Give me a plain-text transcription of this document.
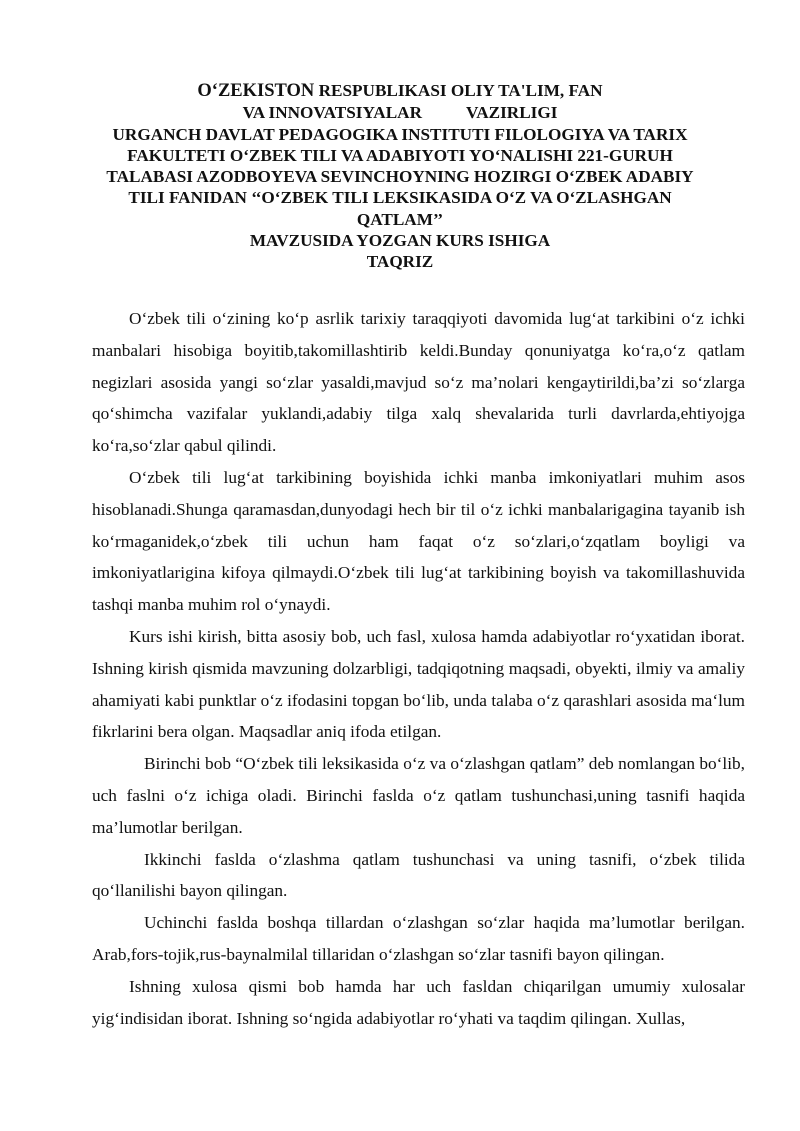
O‘ZEKISTON RESPUBLIKASI OLIY TA'LIM, FAN
VA INNOVATSIYALAR	VAZIRLIGI
URGANCH DAVLAT PEDAGOGIKA INSTITUTI FILOLOGIYA VA TARIX
FAKULTETI O‘ZBEK TILI VA ADABIYOTI YO‘NALISHI 221-GURUH
TALABASI AZODBOYEVA SEVINCHOYNING HOZIRGI O‘ZBEK ADABIY
TILI FANIDAN ‘‘O‘ZBEK TILI LEKSIKASIDA O‘Z VA O‘ZLASHGAN
QATLAM’’
MAVZUSIDA YOZGAN KURS ISHIGA
TAQRIZ

O‘zbek tili o‘zining ko‘p asrlik tarixiy taraqqiyoti davomida lug‘at tarkibini o‘z ichki manbalari hisobiga boyitib,takomillashtirib keldi.Bunday qonuniyatga ko‘ra,o‘z qatlam negizlari asosida yangi so‘zlar yasaldi,mavjud so‘z ma’nolari kengaytirildi,ba’zi so‘zlarga qo‘shimcha vazifalar yuklandi,adabiy tilga xalq shevalarida turli davrlarda,ehtiyojga ko‘ra,so‘zlar qabul qilindi.

O‘zbek tili lug‘at tarkibining boyishida ichki manba imkoniyatlari muhim asos hisoblanadi.Shunga qaramasdan,dunyodagi hech bir til o‘z ichki manbalarigagina tayanib ish ko‘rmaganidek,o‘zbek tili uchun ham faqat o‘z so‘zlari,o‘zqatlam boyligi va imkoniyatlarigina kifoya qilmaydi.O‘zbek tili lug‘at tarkibining boyish va takomillashuvida tashqi manba muhim rol o‘ynaydi.

Kurs ishi kirish, bitta asosiy bob, uch fasl, xulosa hamda adabiyotlar ro‘yxatidan iborat. Ishning kirish qismida mavzuning dolzarbligi, tadqiqotning maqsadi, obyekti, ilmiy va amaliy ahamiyati kabi punktlar o‘z ifodasini topgan bo‘lib, unda talaba o‘z qarashlari asosida ma‘lum fikrlarini bera olgan. Maqsadlar aniq ifoda etilgan.

Birinchi bob “O‘zbek tili leksikasida o‘z va o‘zlashgan qatlam” deb nomlangan bo‘lib, uch faslni o‘z ichiga oladi. Birinchi faslda o‘z qatlam tushunchasi,uning tasnifi haqida ma’lumotlar berilgan.

Ikkinchi faslda o‘zlashma qatlam tushunchasi va uning tasnifi, o‘zbek tilida qo‘llanilishi bayon qilingan.

Uchinchi faslda boshqa tillardan o‘zlashgan so‘zlar haqida ma’lumotlar berilgan. Arab,fors-tojik,rus-baynalmilal tillaridan o‘zlashgan so‘zlar tasnifi bayon qilingan.

Ishning xulosa qismi bob hamda har uch fasldan chiqarilgan umumiy xulosalar yig‘indisidan iborat. Ishning so‘ngida adabiyotlar ro‘yhati va taqdim qilingan. Xullas,
